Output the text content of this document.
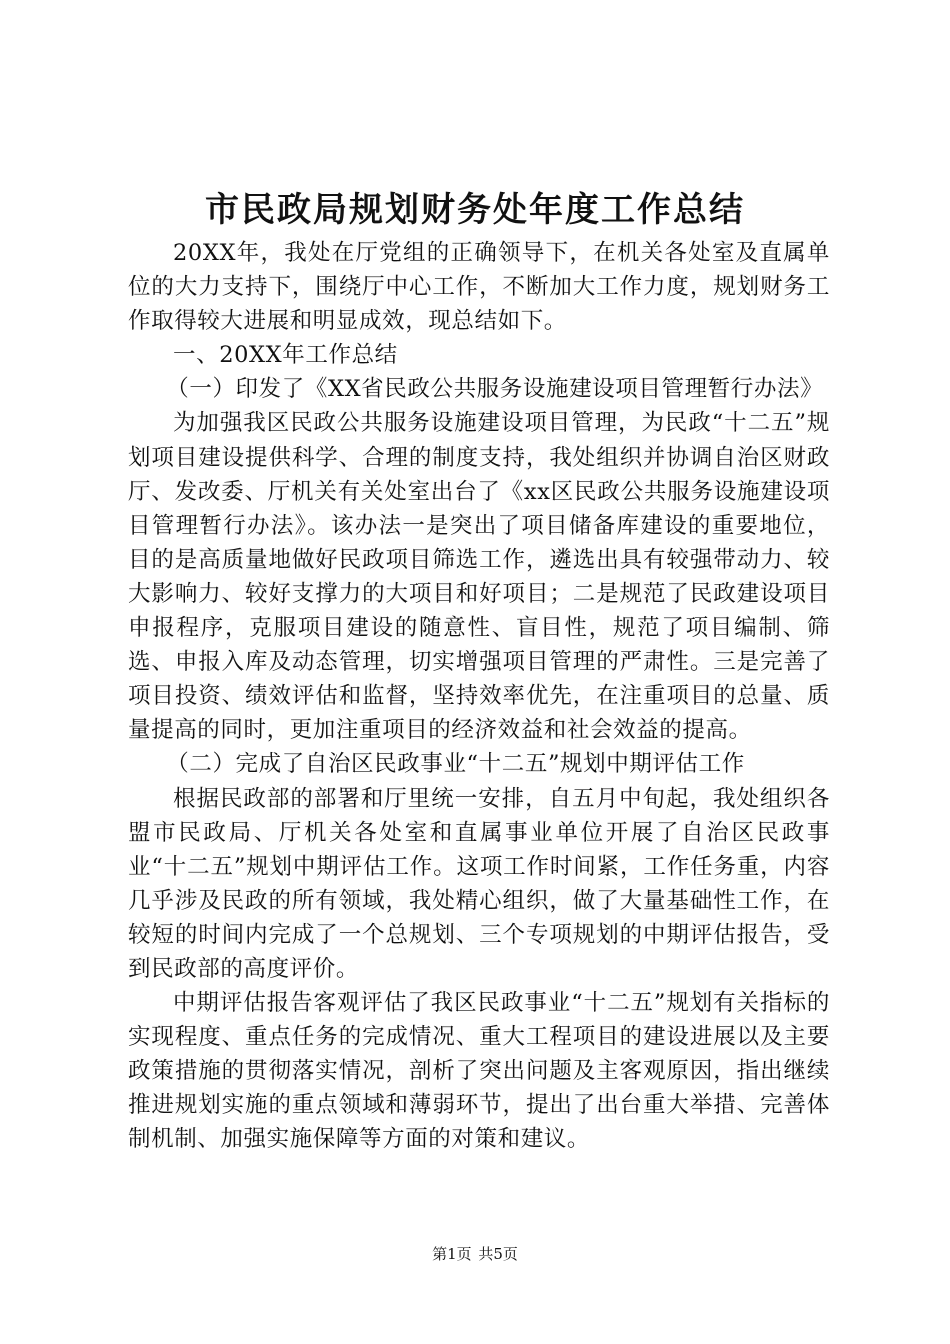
市民政局规划财务处年度工作总结

20XX年，我处在厅党组的正确领导下，在机关各处室及直属单位的大力支持下，围绕厅中心工作，不断加大工作力度，规划财务工作取得较大进展和明显成效，现总结如下。

一、20XX年工作总结

（一）印发了《XX省民政公共服务设施建设项目管理暂行办法》

为加强我区民政公共服务设施建设项目管理，为民政“十二五”规划项目建设提供科学、合理的制度支持，我处组织并协调自治区财政厅、发改委、厅机关有关处室出台了《xx区民政公共服务设施建设项目管理暂行办法》。该办法一是突出了项目储备库建设的重要地位，目的是高质量地做好民政项目筛选工作，遴选出具有较强带动力、较大影响力、较好支撑力的大项目和好项目；二是规范了民政建设项目申报程序，克服项目建设的随意性、盲目性，规范了项目编制、筛选、申报入库及动态管理，切实增强项目管理的严肃性。三是完善了项目投资、绩效评估和监督，坚持效率优先，在注重项目的总量、质量提高的同时，更加注重项目的经济效益和社会效益的提高。

（二）完成了自治区民政事业“十二五”规划中期评估工作

根据民政部的部署和厅里统一安排，自五月中旬起，我处组织各盟市民政局、厅机关各处室和直属事业单位开展了自治区民政事业“十二五”规划中期评估工作。这项工作时间紧，工作任务重，内容几乎涉及民政的所有领域，我处精心组织，做了大量基础性工作，在较短的时间内完成了一个总规划、三个专项规划的中期评估报告，受到民政部的高度评价。

中期评估报告客观评估了我区民政事业“十二五”规划有关指标的实现程度、重点任务的完成情况、重大工程项目的建设进展以及主要政策措施的贯彻落实情况，剖析了突出问题及主客观原因，指出继续推进规划实施的重点领域和薄弱环节，提出了出台重大举措、完善体制机制、加强实施保障等方面的对策和建议。

第1页 共5页
